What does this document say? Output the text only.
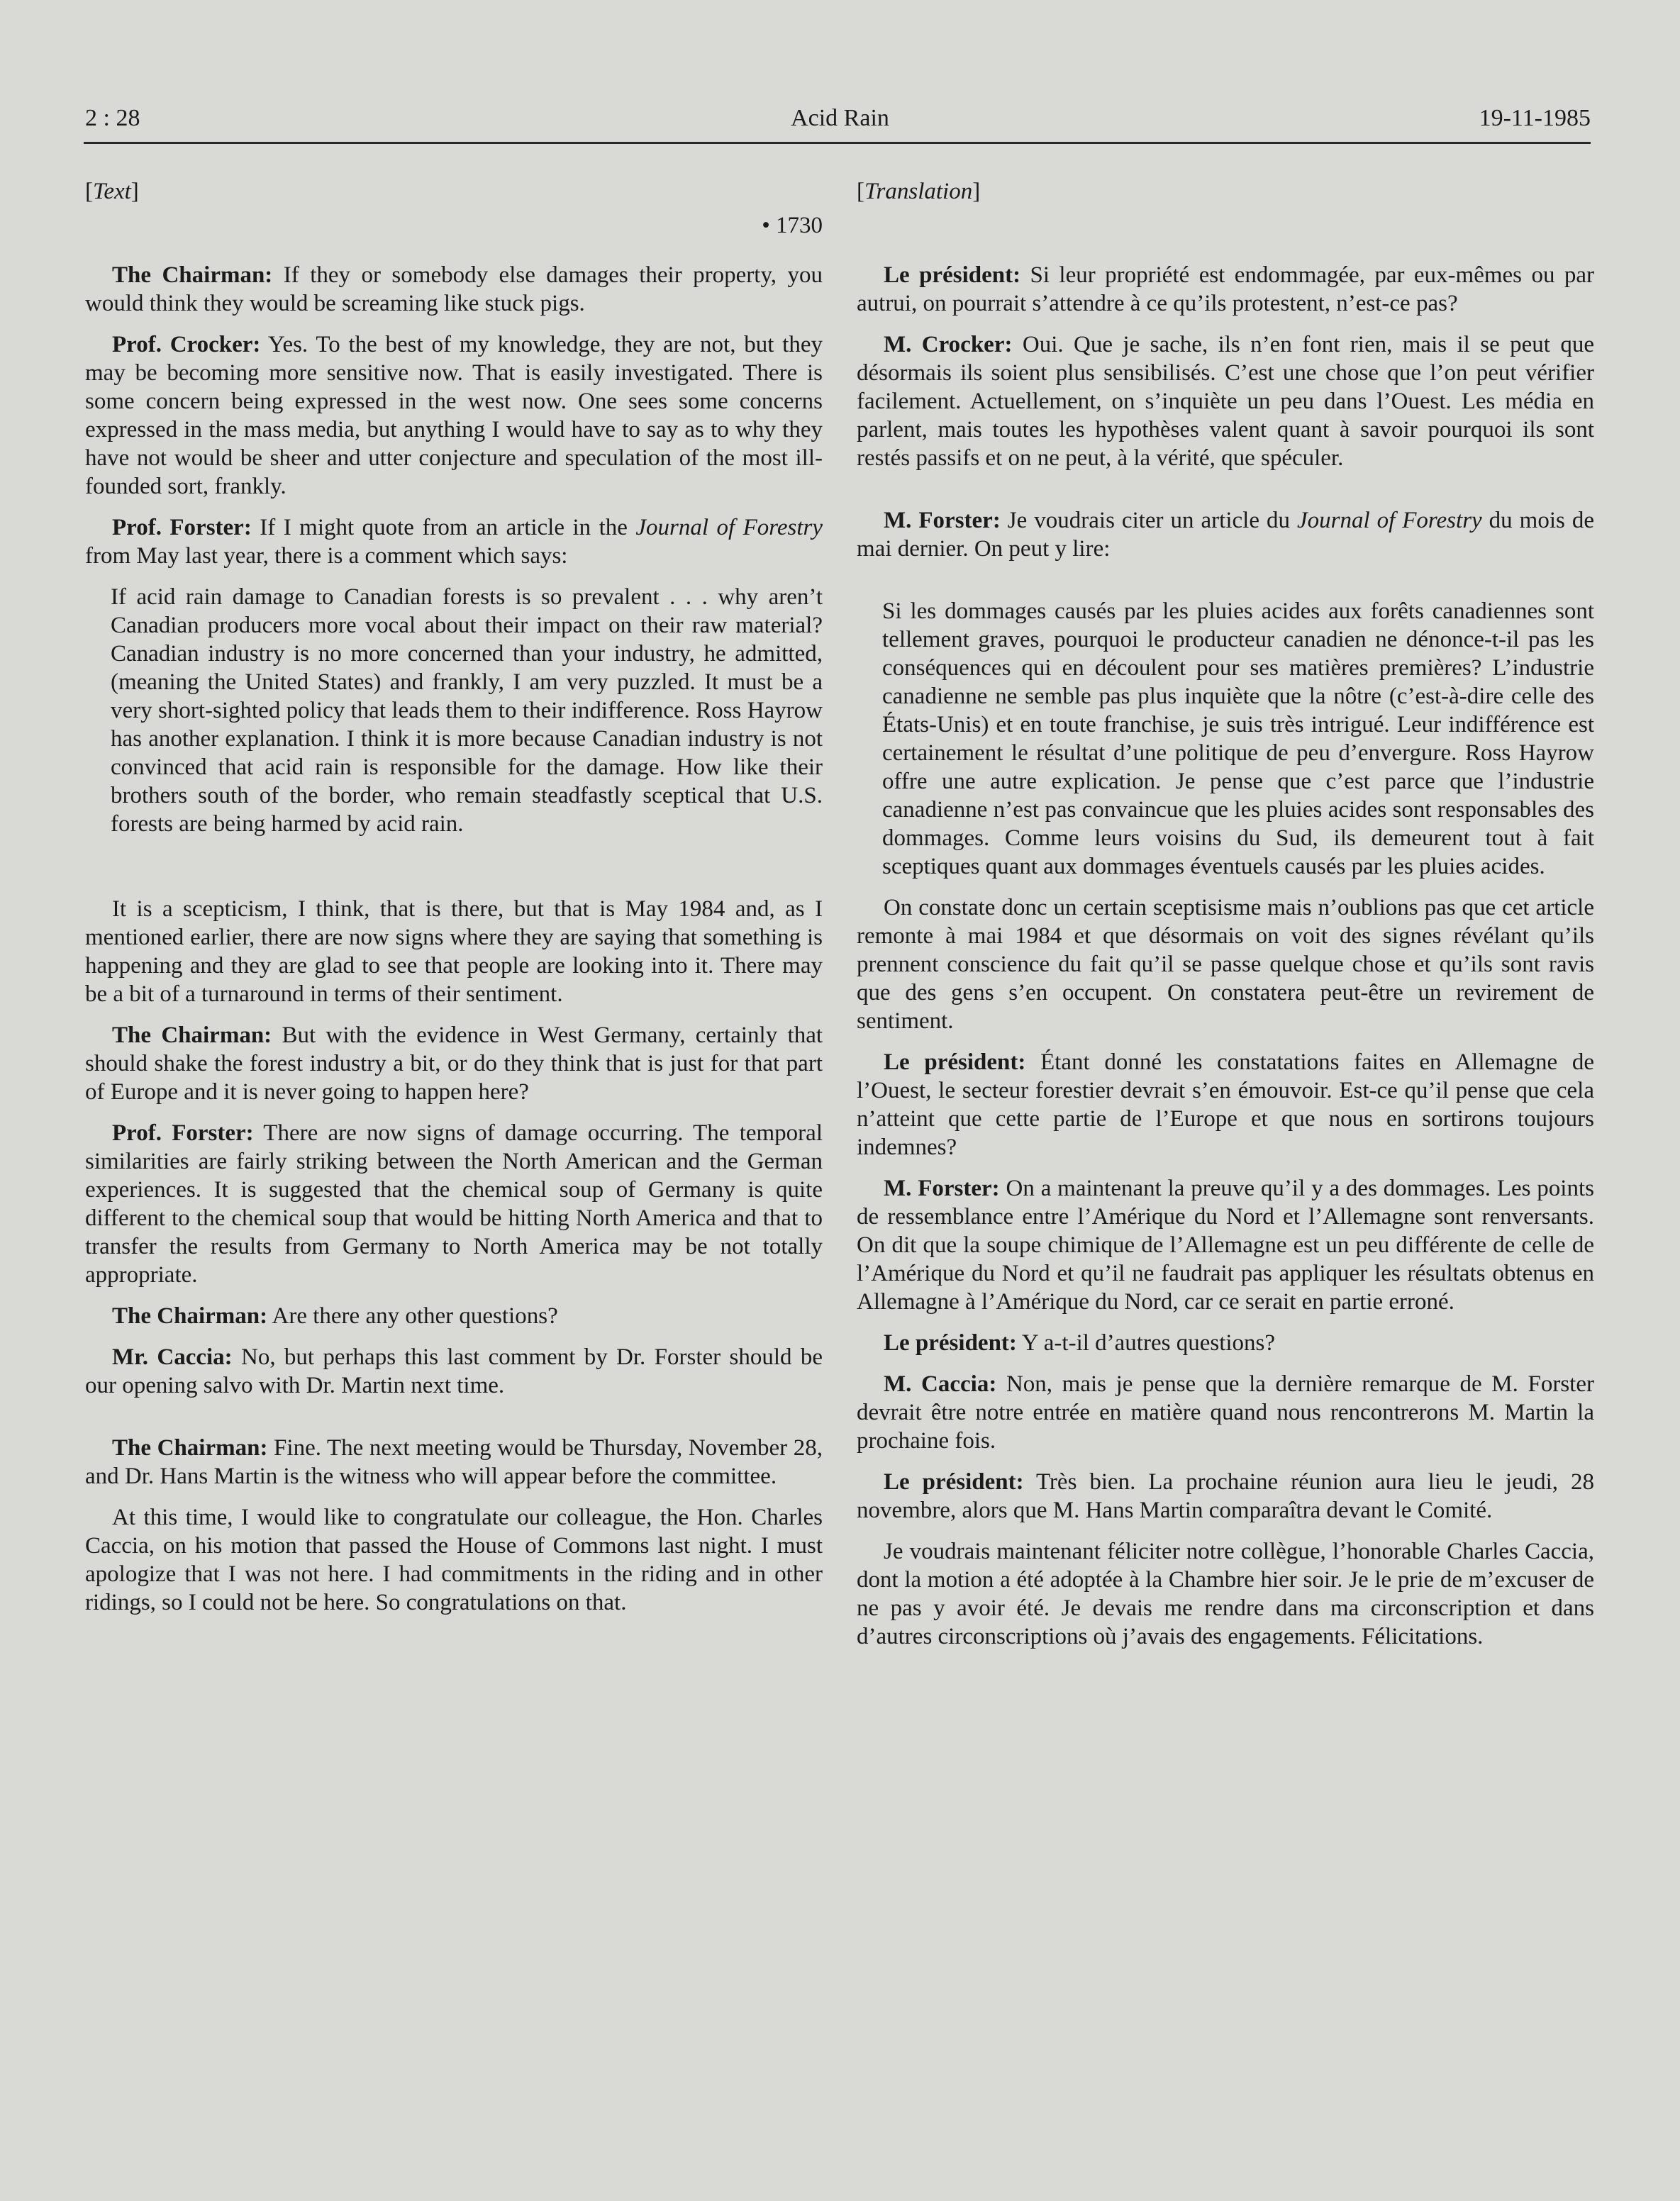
2 : 28	Acid Rain	19-11-1985
[Text]
• 1730

The Chairman: If they or somebody else damages their property, you would think they would be screaming like stuck pigs.

Prof. Crocker: Yes. To the best of my knowledge, they are not, but they may be becoming more sensitive now. That is easily investigated. There is some concern being expressed in the west now. One sees some concerns expressed in the mass media, but anything I would have to say as to why they have not would be sheer and utter conjecture and speculation of the most ill-founded sort, frankly.

Prof. Forster: If I might quote from an article in the Journal of Forestry from May last year, there is a comment which says:

If acid rain damage to Canadian forests is so prevalent . . . why aren’t Canadian producers more vocal about their impact on their raw material? Canadian industry is no more concerned than your industry, he admitted, (meaning the United States) and frankly, I am very puzzled. It must be a very short-sighted policy that leads them to their indifference. Ross Hayrow has another explanation. I think it is more because Canadian industry is not convinced that acid rain is responsible for the damage. How like their brothers south of the border, who remain steadfastly sceptical that U.S. forests are being harmed by acid rain.

It is a scepticism, I think, that is there, but that is May 1984 and, as I mentioned earlier, there are now signs where they are saying that something is happening and they are glad to see that people are looking into it. There may be a bit of a turnaround in terms of their sentiment.

The Chairman: But with the evidence in West Germany, certainly that should shake the forest industry a bit, or do they think that is just for that part of Europe and it is never going to happen here?

Prof. Forster: There are now signs of damage occurring. The temporal similarities are fairly striking between the North American and the German experiences. It is suggested that the chemical soup of Germany is quite different to the chemical soup that would be hitting North America and that to transfer the results from Germany to North America may be not totally appropriate.

The Chairman: Are there any other questions?

Mr. Caccia: No, but perhaps this last comment by Dr. Forster should be our opening salvo with Dr. Martin next time.

The Chairman: Fine. The next meeting would be Thursday, November 28, and Dr. Hans Martin is the witness who will appear before the committee.

At this time, I would like to congratulate our colleague, the Hon. Charles Caccia, on his motion that passed the House of Commons last night. I must apologize that I was not here. I had commitments in the riding and in other ridings, so I could not be here. So congratulations on that.

[Translation]

Le président: Si leur propriété est endommagée, par eux-mêmes ou par autrui, on pourrait s’attendre à ce qu’ils protestent, n’est-ce pas?

M. Crocker: Oui. Que je sache, ils n’en font rien, mais il se peut que désormais ils soient plus sensibilisés. C’est une chose que l’on peut vérifier facilement. Actuellement, on s’inquiète un peu dans l’Ouest. Les média en parlent, mais toutes les hypothèses valent quant à savoir pourquoi ils sont restés passifs et on ne peut, à la vérité, que spéculer.

M. Forster: Je voudrais citer un article du Journal of Forestry du mois de mai dernier. On peut y lire:

Si les dommages causés par les pluies acides aux forêts canadiennes sont tellement graves, pourquoi le producteur canadien ne dénonce-t-il pas les conséquences qui en découlent pour ses matières premières? L’industrie canadienne ne semble pas plus inquiète que la nôtre (c’est-à-dire celle des États-Unis) et en toute franchise, je suis très intrigué. Leur indifférence est certainement le résultat d’une politique de peu d’envergure. Ross Hayrow offre une autre explication. Je pense que c’est parce que l’industrie canadienne n’est pas convaincue que les pluies acides sont responsables des dommages. Comme leurs voisins du Sud, ils demeurent tout à fait sceptiques quant aux dommages éventuels causés par les pluies acides.

On constate donc un certain sceptisisme mais n’oublions pas que cet article remonte à mai 1984 et que désormais on voit des signes révélant qu’ils prennent conscience du fait qu’il se passe quelque chose et qu’ils sont ravis que des gens s’en occupent. On constatera peut-être un revirement de sentiment.

Le président: Étant donné les constatations faites en Allemagne de l’Ouest, le secteur forestier devrait s’en émouvoir. Est-ce qu’il pense que cela n’atteint que cette partie de l’Europe et que nous en sortirons toujours indemnes?

M. Forster: On a maintenant la preuve qu’il y a des dommages. Les points de ressemblance entre l’Amérique du Nord et l’Allemagne sont renversants. On dit que la soupe chimique de l’Allemagne est un peu différente de celle de l’Amérique du Nord et qu’il ne faudrait pas appliquer les résultats obtenus en Allemagne à l’Amérique du Nord, car ce serait en partie erroné.

Le président: Y a-t-il d’autres questions?

M. Caccia: Non, mais je pense que la dernière remarque de M. Forster devrait être notre entrée en matière quand nous rencontrerons M. Martin la prochaine fois.

Le président: Très bien. La prochaine réunion aura lieu le jeudi, 28 novembre, alors que M. Hans Martin comparaîtra devant le Comité.

Je voudrais maintenant féliciter notre collègue, l’honorable Charles Caccia, dont la motion a été adoptée à la Chambre hier soir. Je le prie de m’excuser de ne pas y avoir été. Je devais me rendre dans ma circonscription et dans d’autres circonscriptions où j’avais des engagements. Félicitations.
